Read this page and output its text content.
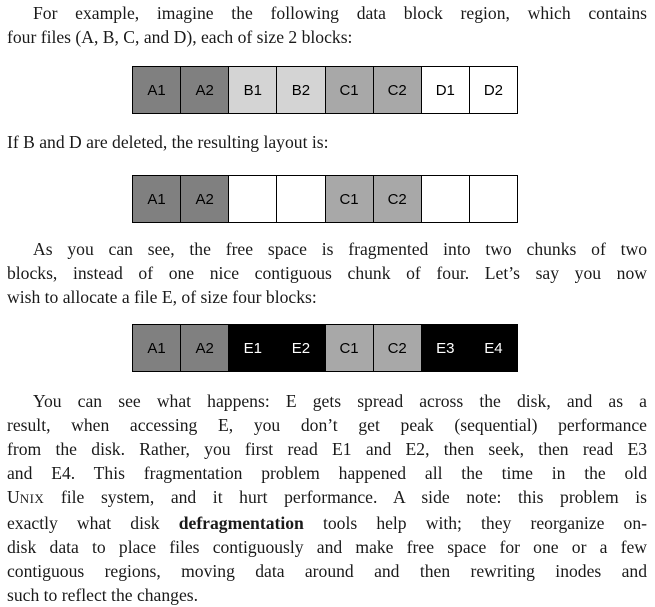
For example, imagine the following data block region, which contains
four files (A, B, C, and D), each of size 2 blocks:

A1	A2	B1	B2	C1	C2	D1	D2

If B and D are deleted, the resulting layout is:

A1	A2	C1	C2

As you can see, the free space is fragmented into two chunks of two
blocks, instead of one nice contiguous chunk of four. Let’s say you now
wish to allocate a file E, of size four blocks:

A1	A2	E1	E2	C1	C2	E3	E4

You can see what happens: E gets spread across the disk, and as a
result, when accessing E, you don’t get peak (sequential) performance
from the disk. Rather, you first read E1 and E2, then seek, then read E3
and E4. This fragmentation problem happened all the time in the old
UNIX file system, and it hurt performance. A side note: this problem is
exactly what disk defragmentation tools help with; they reorganize on-
disk data to place files contiguously and make free space for one or a few
contiguous regions, moving data around and then rewriting inodes and
such to reflect the changes.
